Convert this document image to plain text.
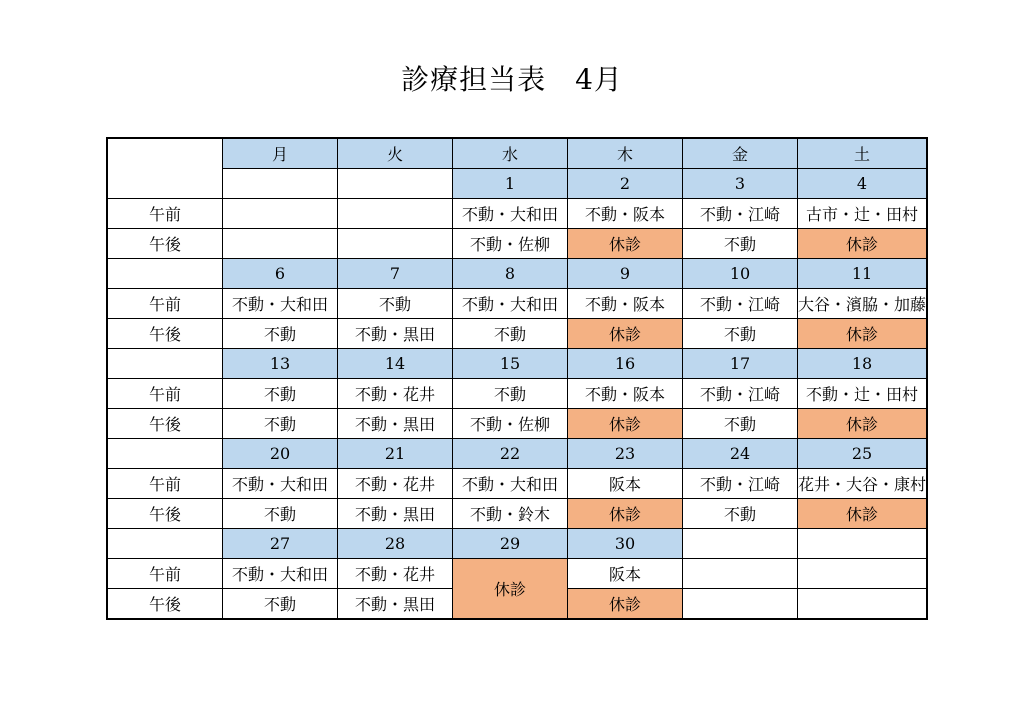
診療担当表　4月
	月	火	水	木	金	土
			1	2	3	4
午前			不動・大和田	不動・阪本	不動・江崎	古市・辻・田村
午後			不動・佐柳	休診	不動	休診
	6	7	8	9	10	11
午前	不動・大和田	不動	不動・大和田	不動・阪本	不動・江崎	大谷・濱脇・加藤
午後	不動	不動・黒田	不動	休診	不動	休診
	13	14	15	16	17	18
午前	不動	不動・花井	不動	不動・阪本	不動・江崎	不動・辻・田村
午後	不動	不動・黒田	不動・佐柳	休診	不動	休診
	20	21	22	23	24	25
午前	不動・大和田	不動・花井	不動・大和田	阪本	不動・江崎	花井・大谷・康村
午後	不動	不動・黒田	不動・鈴木	休診	不動	休診
	27	28	29	30		
午前	不動・大和田	不動・花井	休診	阪本		
午後	不動	不動・黒田		休診		
